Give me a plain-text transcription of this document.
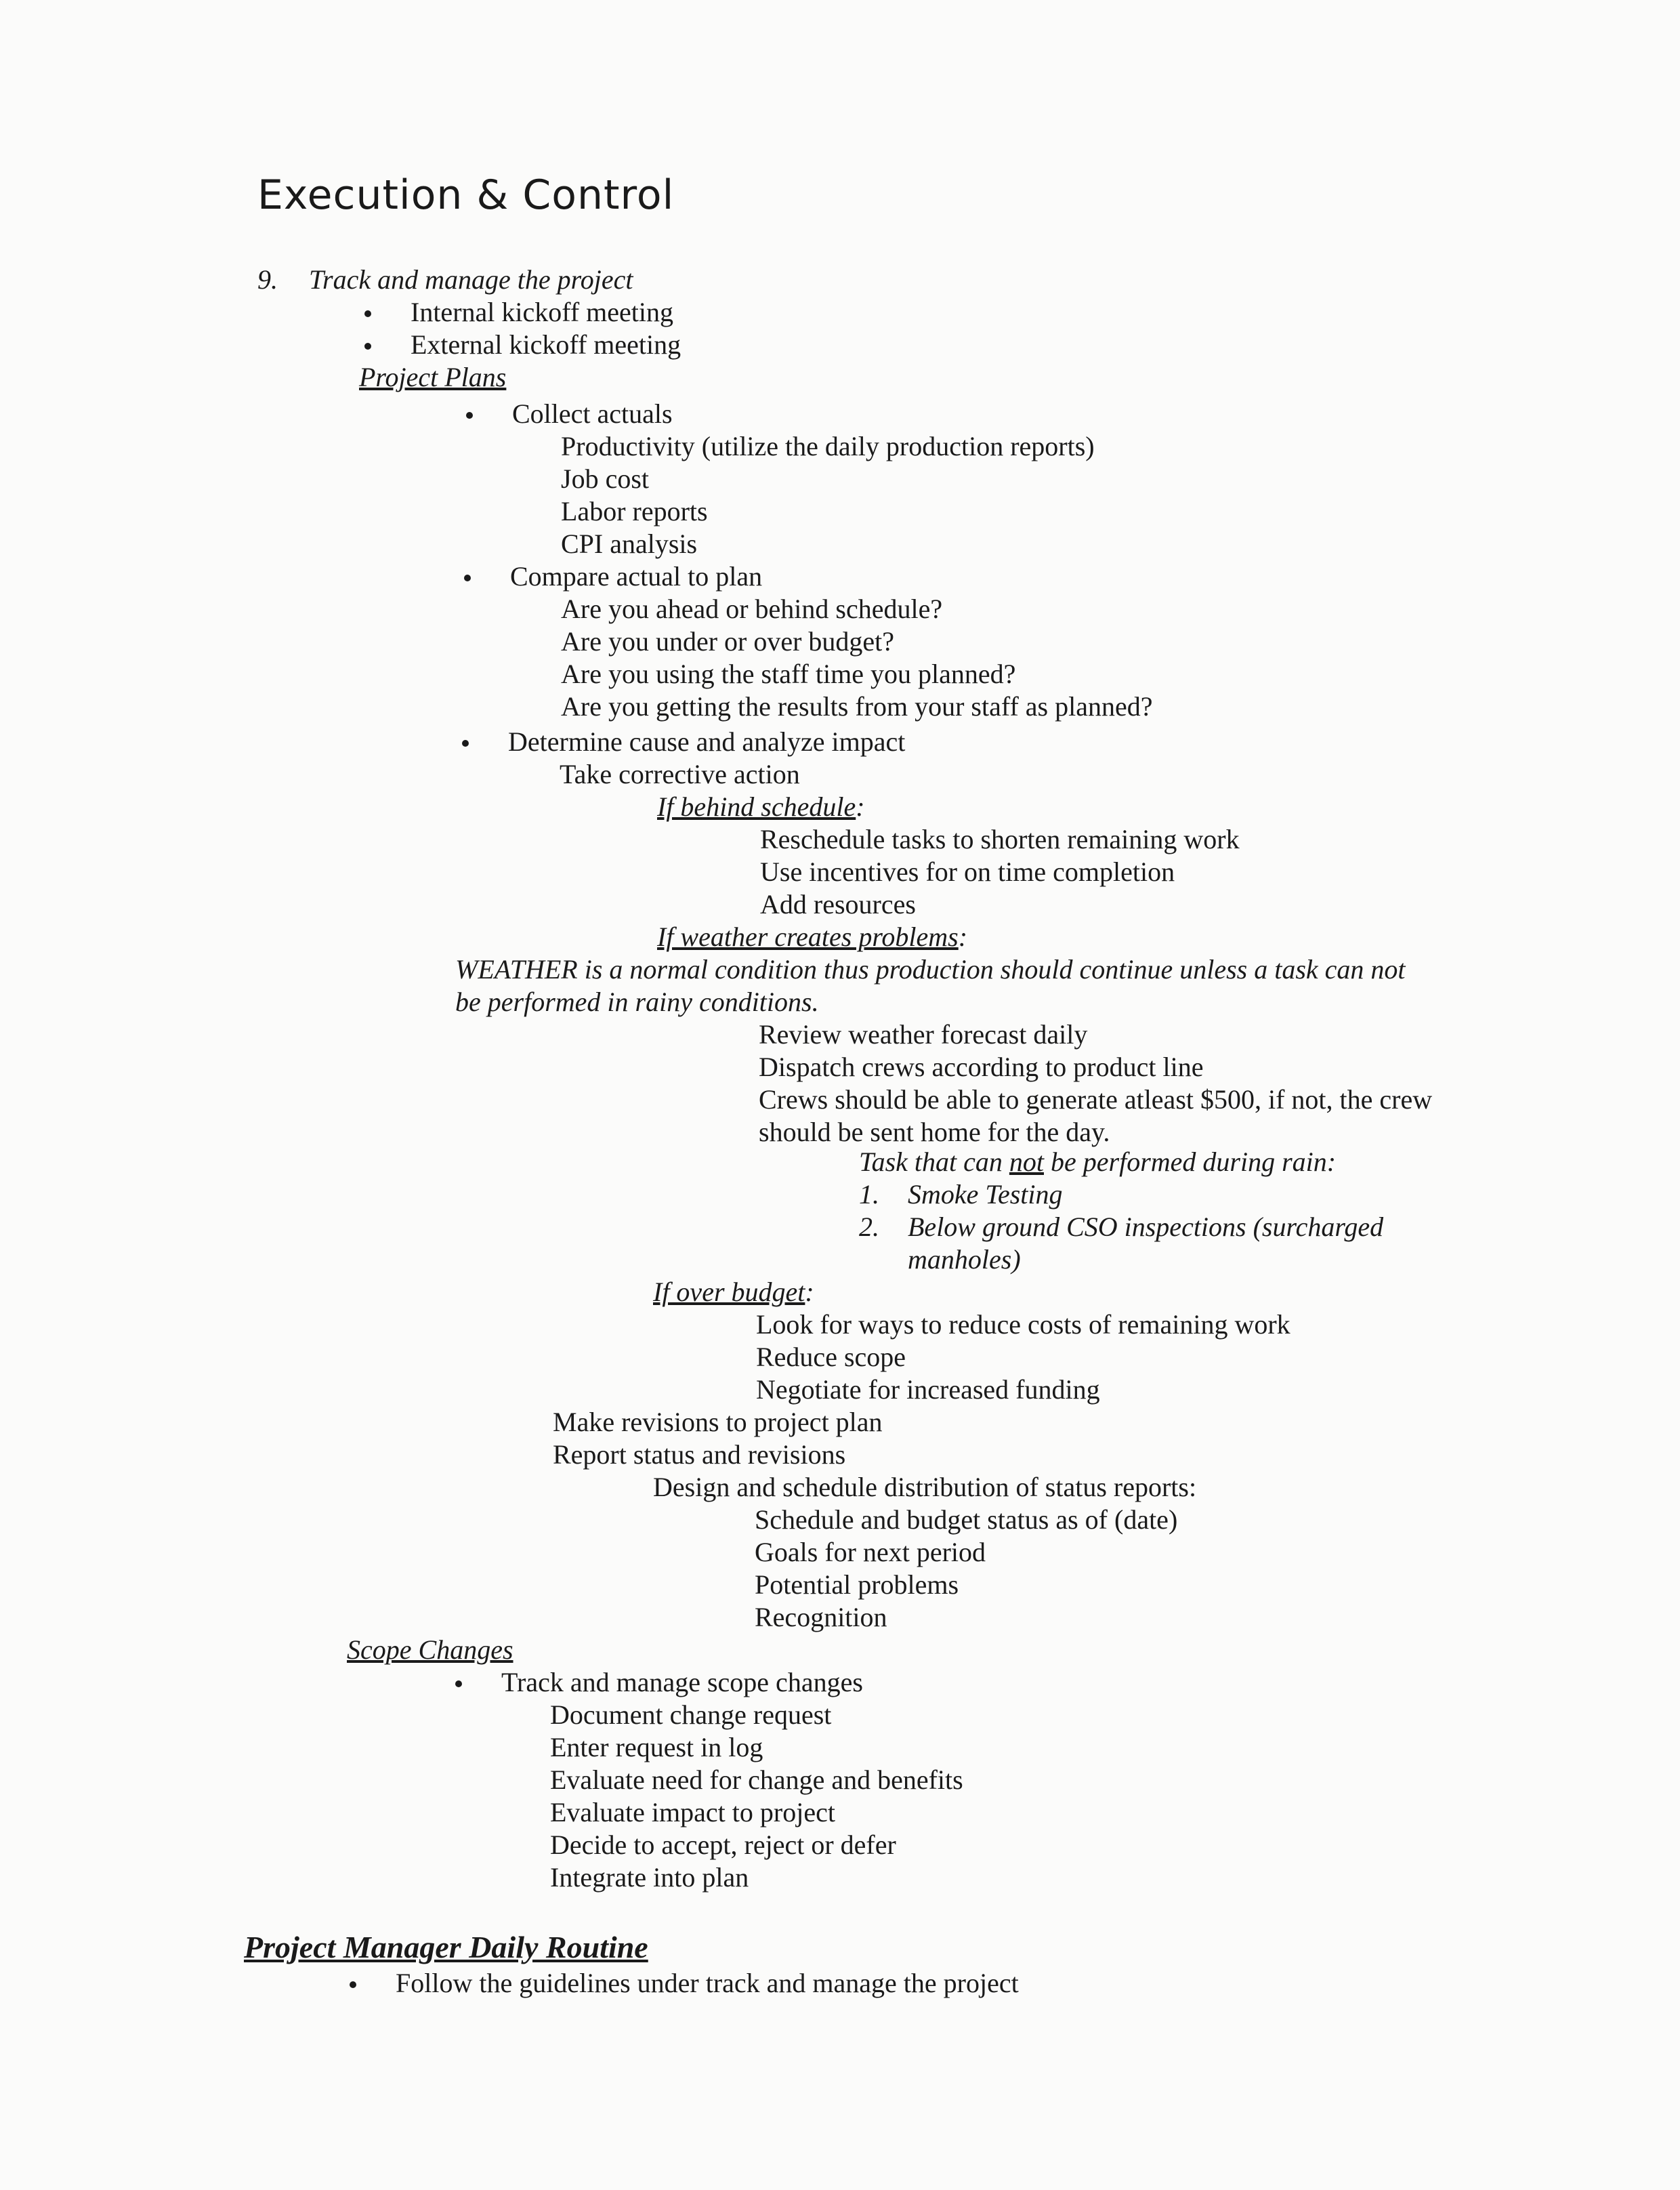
Execution & Control
9. Track and manage the project
Internal kickoff meeting
External kickoff meeting
Project Plans
Collect actuals
Productivity (utilize the daily production reports)
Job cost
Labor reports
CPI analysis
Compare actual to plan
Are you ahead or behind schedule?
Are you under or over budget?
Are you using the staff time you planned?
Are you getting the results from your staff as planned?
Determine cause and analyze impact
Take corrective action
If behind schedule:
Reschedule tasks to shorten remaining work
Use incentives for on time completion
Add resources
If weather creates problems:
WEATHER is a normal condition thus production should continue unless a task can not
be performed in rainy conditions.
Review weather forecast daily
Dispatch crews according to product line
Crews should be able to generate atleast $500, if not, the crew
should be sent home for the day.
Task that can not be performed during rain:
1. Smoke Testing
2. Below ground CSO inspections (surcharged
manholes)
If over budget:
Look for ways to reduce costs of remaining work
Reduce scope
Negotiate for increased funding
Make revisions to project plan
Report status and revisions
Design and schedule distribution of status reports:
Schedule and budget status as of (date)
Goals for next period
Potential problems
Recognition
Scope Changes
Track and manage scope changes
Document change request
Enter request in log
Evaluate need for change and benefits
Evaluate impact to project
Decide to accept, reject or defer
Integrate into plan
Project Manager Daily Routine
Follow the guidelines under track and manage the project
